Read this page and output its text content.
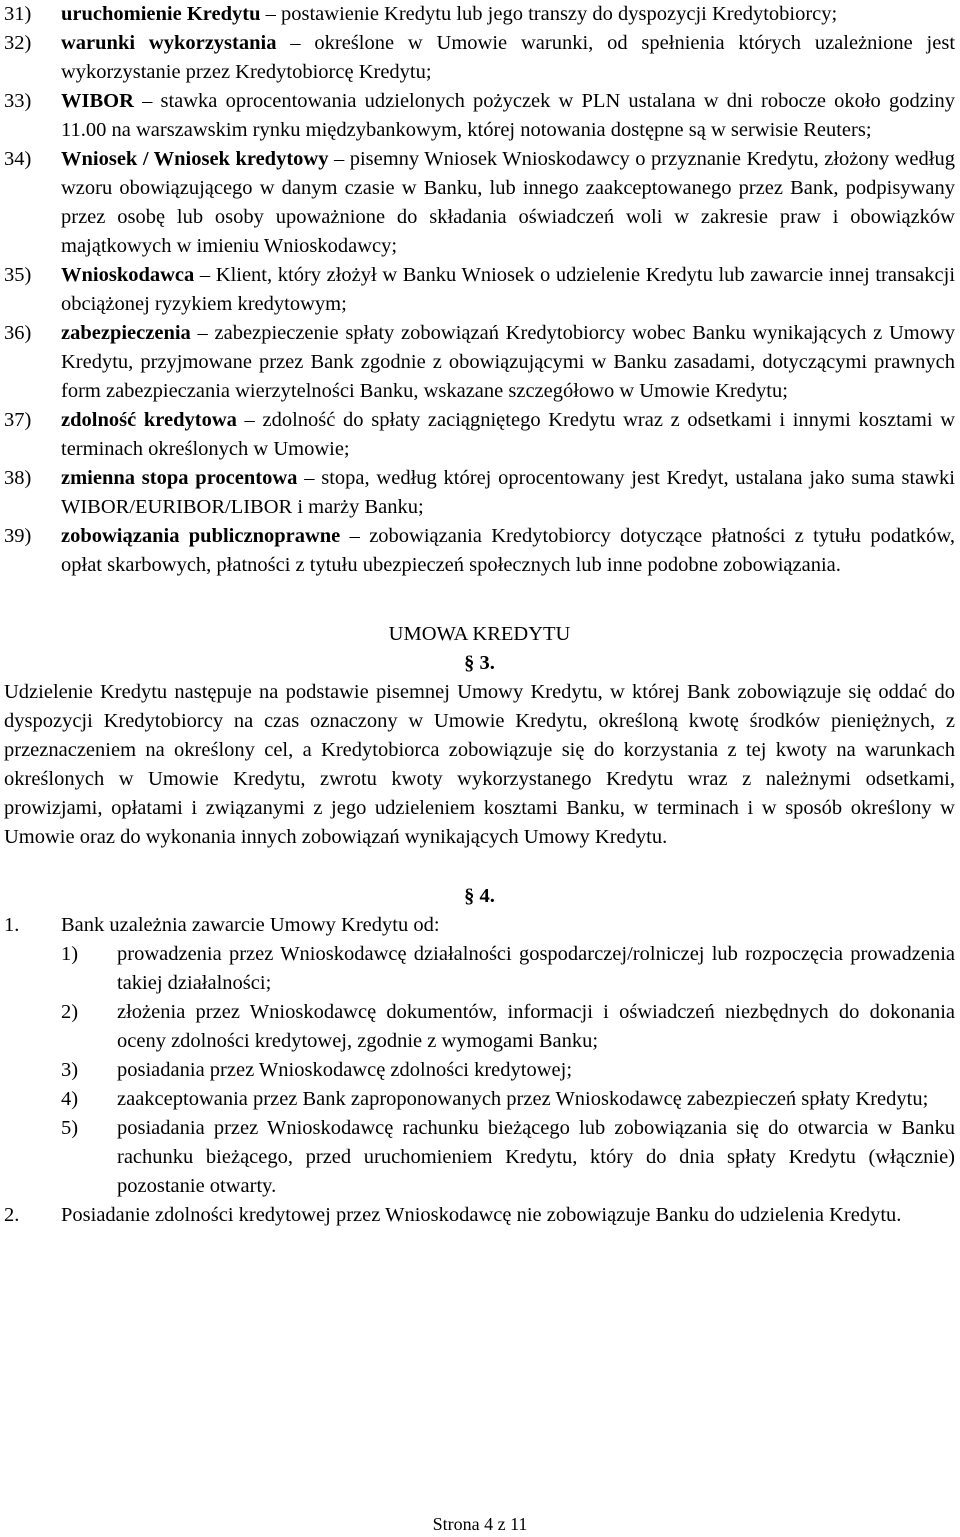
31)	uruchomienie Kredytu – postawienie Kredytu lub jego transzy do dyspozycji Kredytobiorcy;
32)	warunki wykorzystania – określone w Umowie warunki, od spełnienia których uzależnione jest wykorzystanie przez Kredytobiorcę Kredytu;
33)	WIBOR – stawka oprocentowania udzielonych pożyczek w PLN ustalana w dni robocze około godziny 11.00 na warszawskim rynku międzybankowym, której notowania dostępne są w serwisie Reuters;
34)	Wniosek / Wniosek kredytowy – pisemny Wniosek Wnioskodawcy o przyznanie Kredytu, złożony według wzoru obowiązującego w danym czasie w Banku, lub innego zaakceptowanego przez Bank, podpisywany przez osobę lub osoby upoważnione do składania oświadczeń woli w zakresie praw i obowiązków majątkowych w imieniu Wnioskodawcy;
35)	Wnioskodawca – Klient, który złożył w Banku Wniosek o udzielenie Kredytu lub zawarcie innej transakcji obciążonej ryzykiem kredytowym;
36)	zabezpieczenia – zabezpieczenie spłaty zobowiązań Kredytobiorcy wobec Banku wynikających z Umowy Kredytu, przyjmowane przez Bank zgodnie z obowiązującymi w Banku zasadami, dotyczącymi prawnych form zabezpieczania wierzytelności Banku, wskazane szczegółowo w Umowie Kredytu;
37)	zdolność kredytowa – zdolność do spłaty zaciągniętego Kredytu wraz z odsetkami i innymi kosztami w terminach określonych w Umowie;
38)	zmienna stopa procentowa – stopa, według której oprocentowany jest Kredyt, ustalana jako suma stawki WIBOR/EURIBOR/LIBOR i marży Banku;
39)	zobowiązania publicznoprawne – zobowiązania Kredytobiorcy dotyczące płatności z tytułu podatków, opłat skarbowych, płatności z tytułu ubezpieczeń społecznych lub inne podobne zobowiązania.
UMOWA KREDYTU
§ 3.
Udzielenie Kredytu następuje na podstawie pisemnej Umowy Kredytu, w której Bank zobowiązuje się oddać do dyspozycji Kredytobiorcy na czas oznaczony w Umowie Kredytu, określoną kwotę środków pieniężnych, z przeznaczeniem na określony cel, a Kredytobiorca zobowiązuje się do korzystania z tej kwoty na warunkach określonych w Umowie Kredytu, zwrotu kwoty wykorzystanego Kredytu wraz z należnymi odsetkami, prowizjami, opłatami i związanymi z jego udzieleniem kosztami Banku, w terminach i w sposób określony w Umowie oraz do wykonania innych zobowiązań wynikających Umowy Kredytu.
§ 4.
1.	Bank uzależnia zawarcie Umowy Kredytu od:
1)	prowadzenia przez Wnioskodawcę działalności gospodarczej/rolniczej lub rozpoczęcia prowadzenia takiej działalności;
2)	złożenia przez Wnioskodawcę dokumentów, informacji i oświadczeń niezbędnych do dokonania oceny zdolności kredytowej, zgodnie z wymogami Banku;
3)	posiadania przez Wnioskodawcę zdolności kredytowej;
4)	zaakceptowania przez Bank zaproponowanych przez Wnioskodawcę zabezpieczeń spłaty Kredytu;
5)	posiadania przez Wnioskodawcę rachunku bieżącego lub zobowiązania się do otwarcia w Banku rachunku bieżącego, przed uruchomieniem Kredytu, który do dnia spłaty Kredytu (włącznie) pozostanie otwarty.
2.	Posiadanie zdolności kredytowej przez Wnioskodawcę nie zobowiązuje Banku do udzielenia Kredytu.
Strona 4 z 11
